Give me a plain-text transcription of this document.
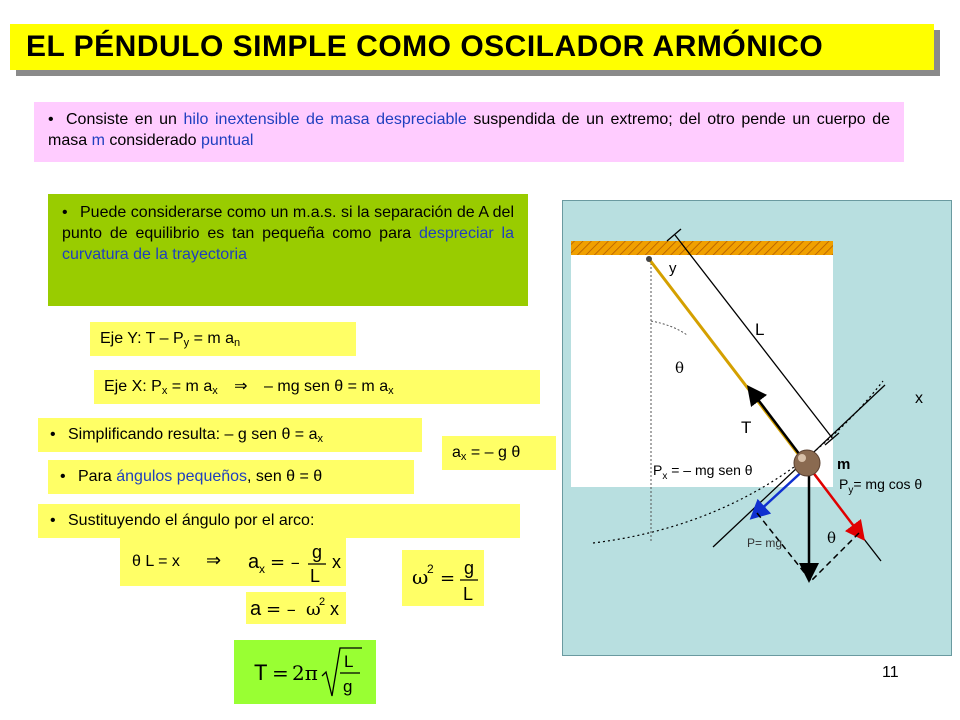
EL PÉNDULO SIMPLE COMO OSCILADOR ARMÓNICO
• Consiste en un hilo inextensible de masa despreciable suspendida de un extremo; del otro pende un cuerpo de masa m considerado puntual
• Puede considerarse como un m.a.s. si la separación de A del punto de equilibrio es tan pequeña como para despreciar la curvatura de la trayectoria
Eje Y: $T - P_y = m$ $a_n$
Eje X: $P_x = m$ $a_x$ ⇒ – mg sen θ = m $a_x$
• Simplificando resulta: – g sen $\theta = a_x$
$a_x$ = – g θ
• Para ángulos pequeños, sen θ = θ
• Sustituyendo el ángulo por el arco:
θ L = x ⇒ a x = – g
L
x
a = – ω
2 x
ω
2 = g
L
T = 2π L
g
y
L
θ
x
T
m
$P_x$ = – mg sen θ
$P_y=$ mg cos θ
P= mg	θ
11
